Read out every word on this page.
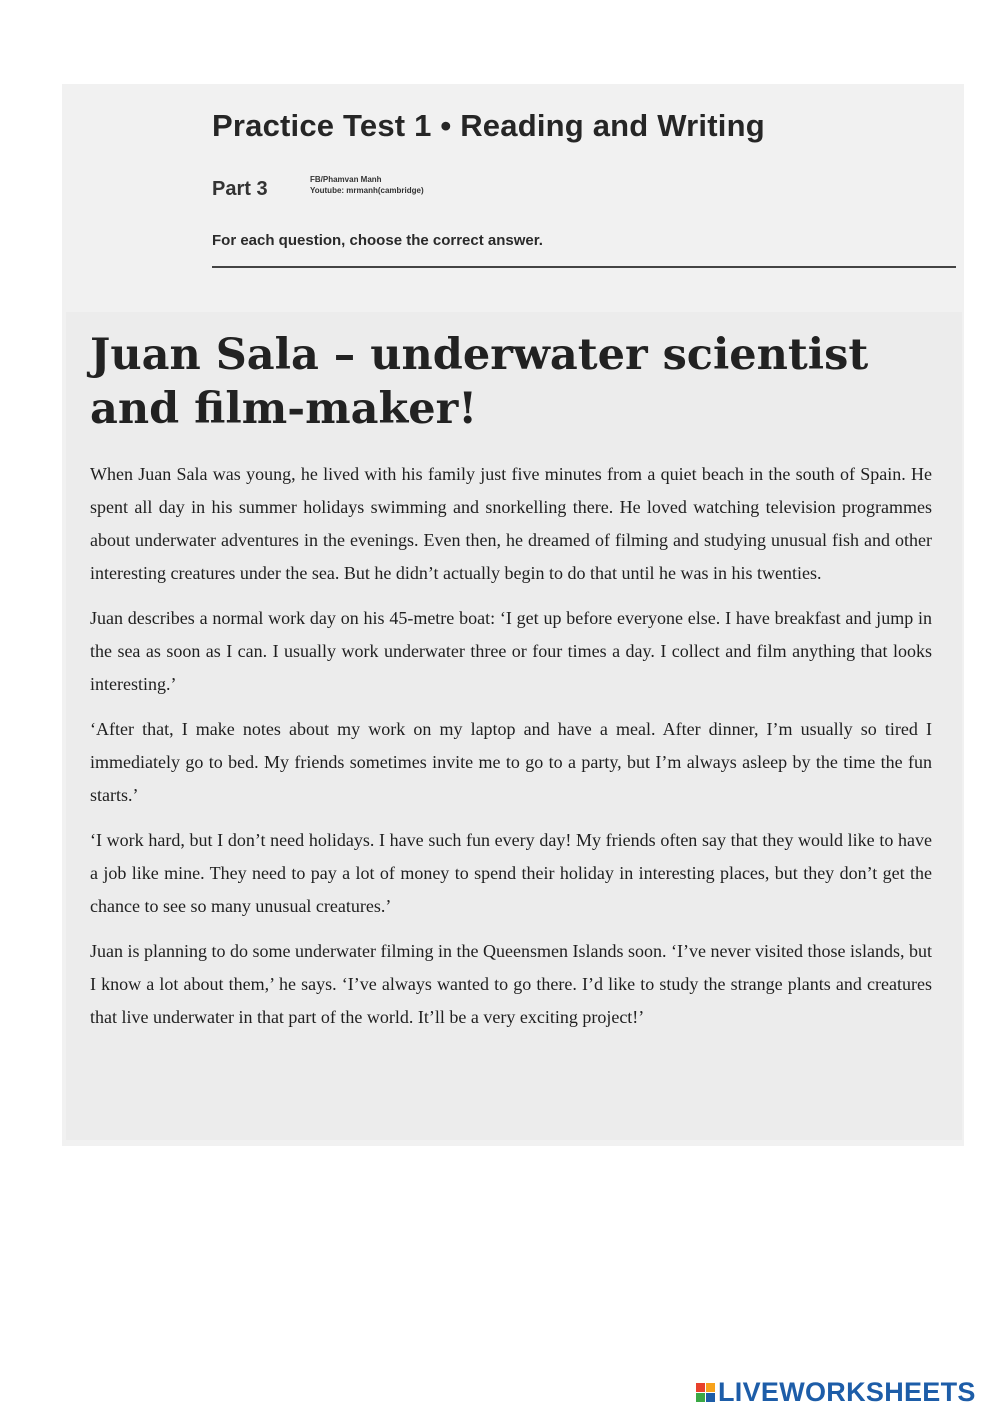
Practice Test 1 • Reading and Writing
Part 3	FB/Phamvan Manh
Youtube: mrmanh(cambridge)
For each question, choose the correct answer.
Juan Sala – underwater scientist
and film-maker!

When Juan Sala was young, he lived with his family just five minutes from a quiet beach in the south of Spain. He spent all day in his summer holidays swimming and snorkelling there. He loved watching television programmes about underwater adventures in the evenings. Even then, he dreamed of filming and studying unusual fish and other interesting creatures under the sea. But he didn’t actually begin to do that until he was in his twenties.

Juan describes a normal work day on his 45-metre boat: ‘I get up before everyone else. I have breakfast and jump in the sea as soon as I can. I usually work underwater three or four times a day. I collect and film anything that looks interesting.’

‘After that, I make notes about my work on my laptop and have a meal. After dinner, I’m usually so tired I immediately go to bed. My friends sometimes invite me to go to a party, but I’m always asleep by the time the fun starts.’

‘I work hard, but I don’t need holidays. I have such fun every day! My friends often say that they would like to have a job like mine. They need to pay a lot of money to spend their holiday in interesting places, but they don’t get the chance to see so many unusual creatures.’

Juan is planning to do some underwater filming in the Queensmen Islands soon. ‘I’ve never visited those islands, but I know a lot about them,’ he says. ‘I’ve always wanted to go there. I’d like to study the strange plants and creatures that live underwater in that part of the world. It’ll be a very exciting project!’

LIVEWORKSHEETS
